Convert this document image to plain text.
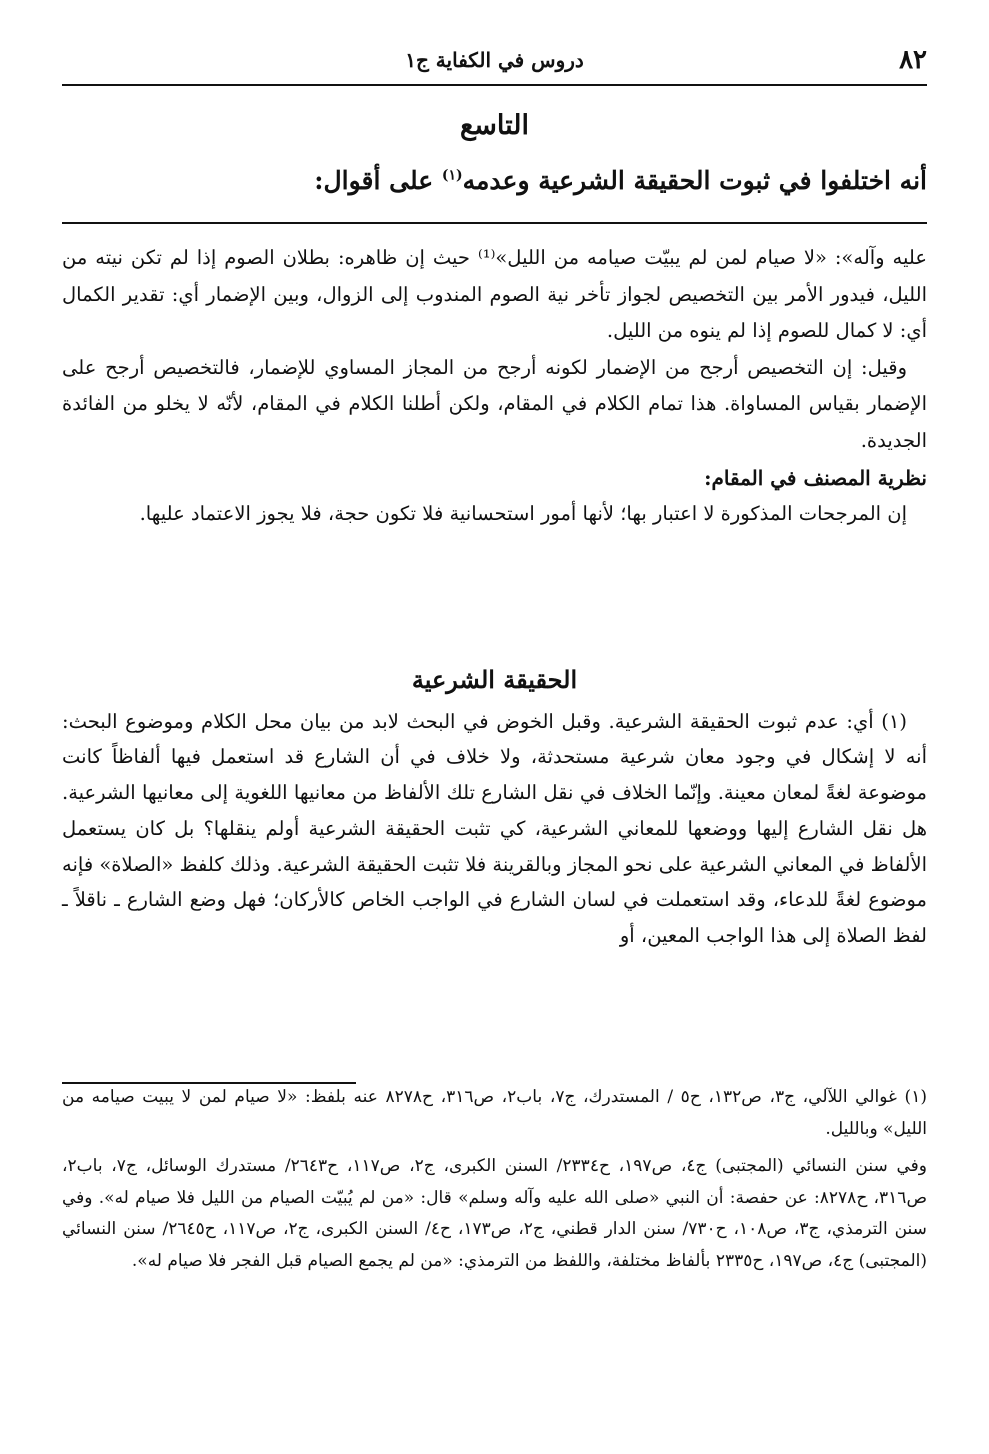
٨٢
دروس في الكفاية ج١
التاسع
أنه اختلفوا في ثبوت الحقيقة الشرعية وعدمه$^{(١)}$ على أقوال:

عليه وآله»: «لا صيام لمن لم يبيّت صيامه من الليل»⁽¹⁾ حيث إن ظاهره: بطلان الصوم إذا لم تكن نيته من الليل، فيدور الأمر بين التخصيص لجواز تأخر نية الصوم المندوب إلى الزوال، وبين الإضمار أي: تقدير الكمال أي: لا كمال للصوم إذا لم ينوه من الليل.

وقيل: إن التخصيص أرجح من الإضمار لكونه أرجح من المجاز المساوي للإضمار، فالتخصيص أرجح على الإضمار بقياس المساواة. هذا تمام الكلام في المقام، ولكن أطلنا الكلام في المقام، لأنّه لا يخلو من الفائدة الجديدة.

نظرية المصنف في المقام:

إن المرجحات المذكورة لا اعتبار بها؛ لأنها أمور استحسانية فلا تكون حجة، فلا يجوز الاعتماد عليها.

الحقيقة الشرعية

(١) أي: عدم ثبوت الحقيقة الشرعية. وقبل الخوض في البحث لابد من بيان محل الكلام وموضوع البحث: أنه لا إشكال في وجود معان شرعية مستحدثة، ولا خلاف في أن الشارع قد استعمل فيها ألفاظاً كانت موضوعة لغةً لمعان معينة. وإنّما الخلاف في نقل الشارع تلك الألفاظ من معانيها اللغوية إلى معانيها الشرعية. هل نقل الشارع إليها ووضعها للمعاني الشرعية، كي تثبت الحقيقة الشرعية أولم ينقلها؟ بل كان يستعمل الألفاظ في المعاني الشرعية على نحو المجاز وبالقرينة فلا تثبت الحقيقة الشرعية. وذلك كلفظ «الصلاة» فإنه موضوع لغةً للدعاء، وقد استعملت في لسان الشارع في الواجب الخاص كالأركان؛ فهل وضع الشارع ـ ناقلاً ـ لفظ الصلاة إلى هذا الواجب المعين، أو

(١) غوالي اللآلي، ج٣، ص١٣٢، ح٥ / المستدرك، ج٧، باب٢، ص٣١٦، ح٨٢٧٨ عنه بلفظ: «لا صيام لمن لا يبيت صيامه من الليل» وبالليل.

وفي سنن النسائي (المجتبى) ج٤، ص١٩٧، ح٢٣٣٤/ السنن الكبرى، ج٢، ص١١٧، ح٢٦٤٣/ مستدرك الوسائل، ج٧، باب٢، ص٣١٦، ح٨٢٧٨: عن حفصة: أن النبي «صلى الله عليه وآله وسلم» قال: «من لم يُبيّت الصيام من الليل فلا صيام له». وفي سنن الترمذي، ج٣، ص١٠٨، ح٧٣٠/ سنن الدار قطني، ج٢، ص١٧٣، ح٤/ السنن الكبرى، ج٢، ص١١٧، ح٢٦٤٥/ سنن النسائي (المجتبى) ج٤، ص١٩٧، ح٢٣٣٥ بألفاظ مختلفة، واللفظ من الترمذي: «من لم يجمع الصيام قبل الفجر فلا صيام له».
